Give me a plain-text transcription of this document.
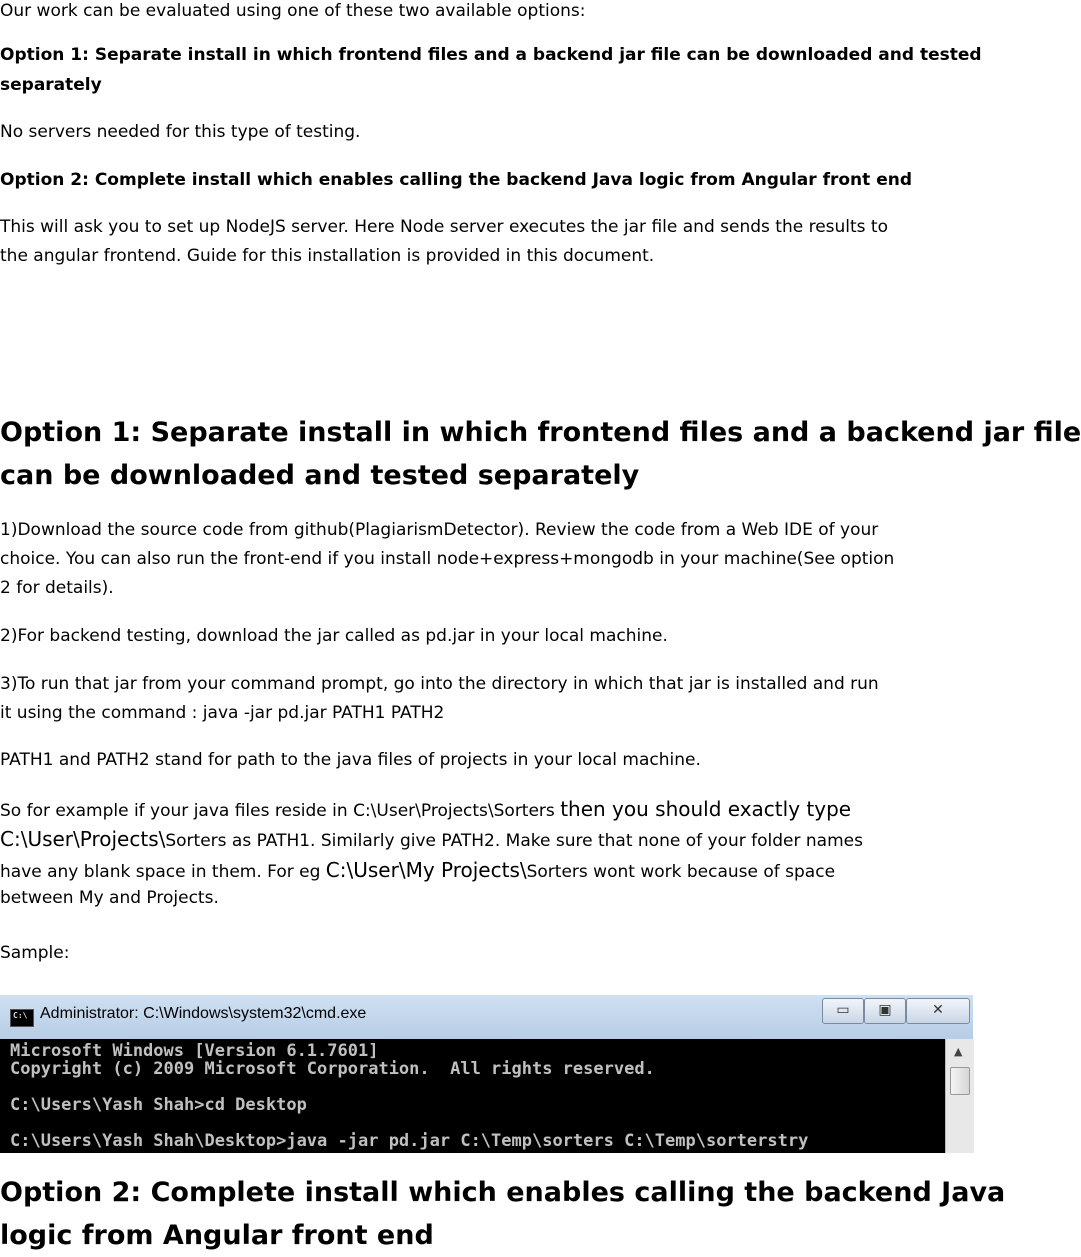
Our work can be evaluated using one of these two available options:
Option 1: Separate install in which frontend files and a backend jar file can be downloaded and tested
separately
No servers needed for this type of testing.
Option 2: Complete install which enables calling the backend Java logic from Angular front end
This will ask you to set up NodeJS server. Here Node server executes the jar file and sends the results to
the angular frontend. Guide for this installation is provided in this document.
Option 1: Separate install in which frontend files and a backend jar file
can be downloaded and tested separately
1)Download the source code from github(PlagiarismDetector). Review the code from a Web IDE of your
choice. You can also run the front-end if you install node+express+mongodb in your machine(See option
2 for details).
2)For backend testing, download the jar called as pd.jar in your local machine.
3)To run that jar from your command prompt, go into the directory in which that jar is installed and run
it using the command : java -jar pd.jar PATH1 PATH2
PATH1 and PATH2 stand for path to the java files of projects in your local machine.
So for example if your java files reside in C:\User\Projects\Sorters then you should exactly type
C:\User\Projects\Sorters as PATH1. Similarly give PATH2. Make sure that none of your folder names
have any blank space in them. For eg C:\User\My Projects\Sorters wont work because of space
between My and Projects.
Sample:
C:\ Administrator: C:\Windows\system32\cmd.exe	▭	▣	✕
Microsoft Windows [Version 6.1.7601]
Copyright (c) 2009 Microsoft Corporation.  All rights reserved.
C:\Users\Yash Shah>cd Desktop
C:\Users\Yash Shah\Desktop>java -jar pd.jar C:\Temp\sorters C:\Temp\sorterstry
▲
Option 2: Complete install which enables calling the backend Java
logic from Angular front end
